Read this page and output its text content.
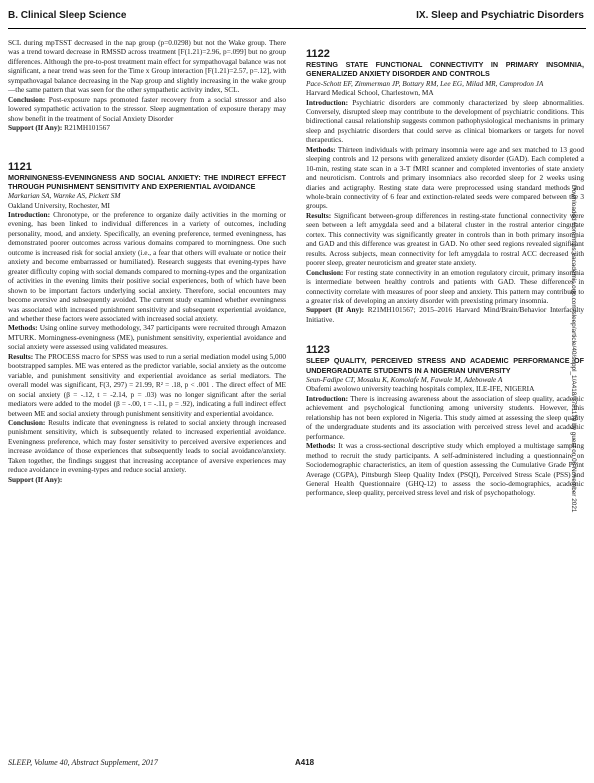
B. Clinical Sleep Science	IX. Sleep and Psychiatric Disorders

SCL during mpTSST decreased in the nap group (p=0.0298) but not the Wake group. There was a trend toward decrease in RMSSD across treatment [F(1.21)=2.96, p=.099] but no group differences. Although the pre-to-post treatment main effect for sympathovagal balance was not significant, a near trend was seen for the Time x Group interaction [F(1.21)=2.57, p=.12], with sympathovagal balance decreasing in the Nap group and slightly increasing in the wake group—the same pattern that was seen for the other sympathetic activity index, SCL.

Conclusion: Post-exposure naps promoted faster recovery from a social stressor and also lowered sympathetic activation to the stressor. Sleep augmentation of exposure therapy may show benefit in the treatment of Social Anxiety Disorder

Support (If Any): R21MH101567

1121

MORNINGNESS-EVENINGNESS AND SOCIAL ANXIETY: THE INDIRECT EFFECT THROUGH PUNISHMENT SENSITIVITY AND EXPERIENTIAL AVOIDANCE

Markarian SA, Warnke AS, Pickett SM

Oakland University, Rochester, MI

Introduction: Chronotype, or the preference to organize daily activities in the morning or evening, has been linked to individual differences in a variety of outcomes, including personality, mood, and anxiety. Specifically, an evening preference, termed eveningness, has demonstrated poorer outcomes across various domains compared to morningness. One such outcome is increased risk for social anxiety (i.e., a fear that others will evaluate or notice their anxiety and become embarrassed or humiliated). Research suggests that evening-types have greater difficulty coping with social demands compared to morning-types and the organization of activities in the evening limits their positive social experiences, both of which have been shown to be important factors underlying social anxiety. Therefore, social encounters may become aversive and subsequently avoided. The current study examined whether eveningness was associated with increased punishment sensitivity and subsequent experiential avoidance, and whether these factors were associated with increased social anxiety.

Methods: Using online survey methodology, 347 participants were recruited through Amazon MTURK. Morningness-eveningness (ME), punishment sensitivity, experiential avoidance and social anxiety were assessed using validated measures.

Results: The PROCESS macro for SPSS was used to run a serial mediation model using 5,000 bootstrapped samples. ME was entered as the predictor variable, social anxiety as the outcome variable, and punishment sensitivity and experiential avoidance as serial mediators. The overall model was significant, F(3, 297) = 21.99, R² = .18, p < .001 . The direct effect of ME on social anxiety (β = -.12, t = -2.14, p = .03) was no longer significant after the serial mediators were added to the model (β = -.00, t = -.11, p = .92), indicating a full indirect effect between ME and social anxiety through punishment sensitivity and experiential avoidance.

Conclusion: Results indicate that eveningness is related to social anxiety through increased punishment sensitivity, which is subsequently related to increased experiential avoidance. Eveningness preference, which may foster sensitivity to perceived aversive experiences and increase avoidance of those experiences that subsequently leads to social avoidance/anxiety. Taken together, the findings suggest that increasing acceptance of aversive experiences may reduce avoidance in evening-types and reduce social anxiety.

Support (If Any):

1122

RESTING STATE FUNCTIONAL CONNECTIVITY IN PRIMARY INSOMNIA, GENERALIZED ANXIETY DISORDER AND CONTROLS

Pace-Schott EF, Zimmerman JP, Bottary RM, Lee EG, Milad MR, Camprodon JA

Harvard Medical School, Charlestown, MA

Introduction: Psychiatric disorders are commonly characterized by sleep abnormalities. Conversely, disrupted sleep may contribute to the development of psychiatric conditions. This bidirectional causal relationship suggests common pathophysiological mechanisms in primary sleep and psychiatric disorders that could serve as clinical biomarkers or targets for novel therapeutics.

Methods: Thirteen individuals with primary insomnia were age and sex matched to 13 good sleeping controls and 12 persons with generalized anxiety disorder (GAD). Each completed a 10-min, resting state scan in a 3-T fMRI scanner and completed inventories of state anxiety and neuroticism. Controls and primary insomniacs also recorded sleep for 2 weeks using diaries and actigraphy. Resting state data were preprocessed using standard methods and whole-brain connectivity of 6 fear and extinction-related seeds were compared between the 3 groups.

Results: Significant between-group differences in resting-state functional connectivity were seen between a left amygdala seed and a bilateral cluster in the rostral anterior cingulate cortex. This connectivity was significantly greater in controls than in both primary insomnia and GAD and this difference was greatest in GAD. No other seed regions revealed significant results. Across subjects, mean connectivity for left amygdala to rostral ACC decreased with poorer sleep, greater neuroticism and greater state anxiety.

Conclusion: For resting state connectivity in an emotion regulatory circuit, primary insomnia is intermediate between healthy controls and patients with GAD. These differences in connectivity correlate with measures of poor sleep and anxiety. This pattern may contribute to a greater risk of developing an anxiety disorder with preexisting primary insomnia.

Support (If Any): R21MH101567; 2015–2016 Harvard Mind/Brain/Behavior Interfaculty Initiative.

1123

SLEEP QUALITY, PERCEIVED STRESS AND ACADEMIC PERFORMANCE OF UNDERGRADUATE STUDENTS IN A NIGERIAN UNIVERSITY

Seun-Fadipe CT, Mosaku K, Komolafe M, Fawale M, Adebowale A

Obafemi awolowo university teaching hospitals complex, ILE-IFE, NIGERIA

Introduction: There is increasing awareness about the association of sleep quality, academic achievement and psychological functioning among university students. However, this relationship has not been explored in Nigeria. This study aimed at assessing the sleep quality of the undergraduate students and its association with perceived stress level and academic performance.

Methods: It was a cross-sectional descriptive study which employed a multistage sampling method to recruit the study participants. A self-administered including a questionnaire on Sociodemographic characteristics, an item of question assessing the Cumulative Grade Point Average (CGPA), Pittsburgh Sleep Quality Index (PSQI), Perceived Stress Scale (PSS) and General Health Questionnaire (GHQ-12) to assess the socio-demographics, academic performance, sleep quality, perceived stress level and risk of psychopathology.	Downloaded from https://academic.oup.com/sleep/article/40/suppl_1/A418/3781179 by guest on 06 November 2021
SLEEP, Volume 40, Abstract Supplement, 2017	A418
